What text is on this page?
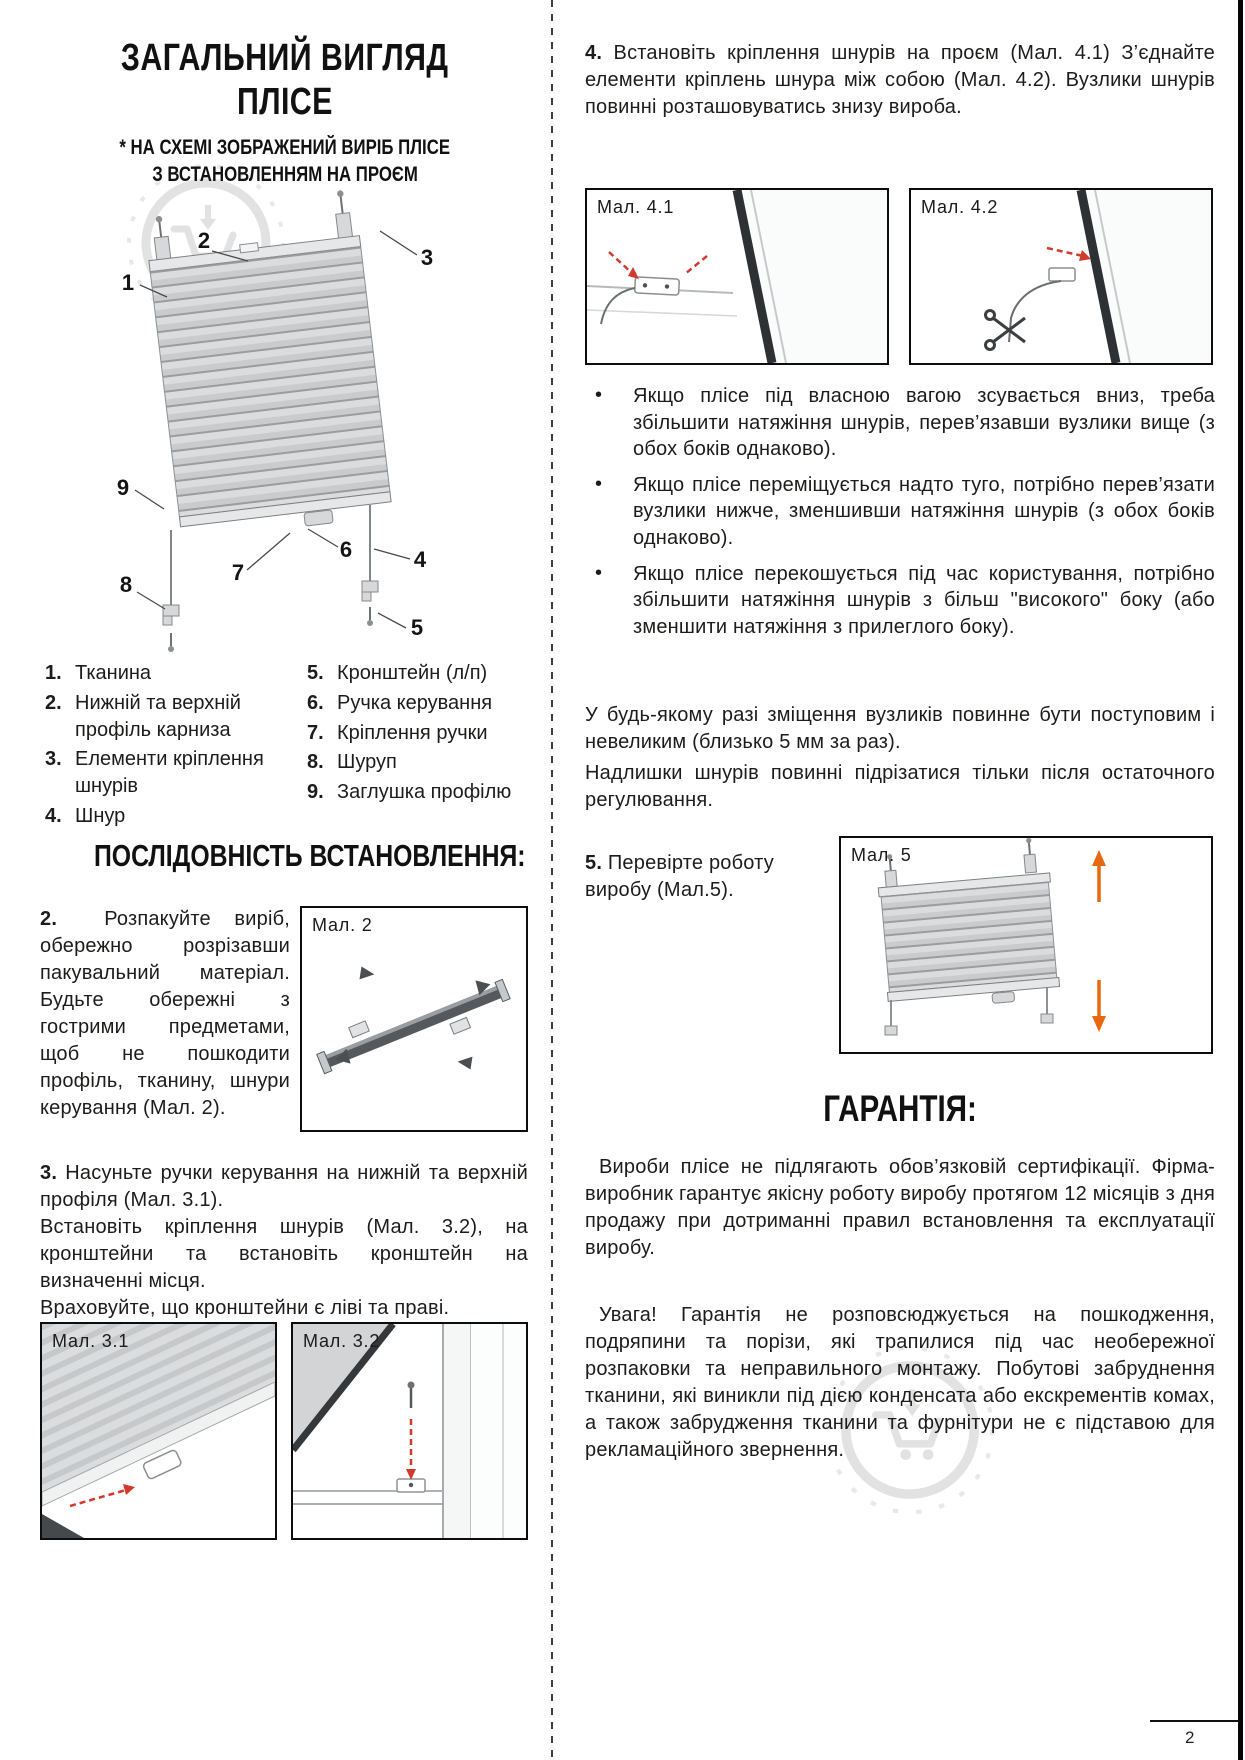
ЗАГАЛЬНИЙ ВИГЛЯД
ПЛІСЕ
* НА СХЕМІ ЗОБРАЖЕНИЙ ВИРІБ ПЛІСЕ
З ВСТАНОВЛЕННЯМ НА ПРОЄМ
1
2
3
4
5
6
7
8
9
1. Тканина
2. Нижній та верхній профіль карниза
3. Елементи кріплення шнурів
4. Шнур
5. Кронштейн (л/п)
6. Ручка керування
7. Кріплення ручки
8. Шуруп
9. Заглушка профілю
ПОСЛІДОВНІСТЬ ВСТАНОВЛЕННЯ:

2. Розпакуйте виріб, обережно розрізавши пакувальний матеріал. Будьте обережні з гострими предметами, щоб не пошкодити профіль, тканину, шнури керування (Мал. 2).

Мал. 2

3. Насуньте ручки керування на нижній та верхній профіля (Мал. 3.1).

Встановіть кріплення шнурів (Мал. 3.2), на кронштейни та встановіть кронштейн на визначенні місця.

Враховуйте, що кронштейни є ліві та праві.

Мал. 3.1	Мал. 3.2

4. Встановіть кріплення шнурів на проєм (Мал. 4.1) З’єднайте елементи кріплень шнура між собою (Мал. 4.2). Вузлики шнурів повинні розташовуватись знизу вироба.

Мал. 4.1	Мал. 4.2
• Якщо плісе під власною вагою зсувається вниз, треба збільшити натяжіння шнурів, перев’язавши вузлики вище (з обох боків однаково).
• Якщо плісе переміщується надто туго, потрібно перев’язати вузлики нижче, зменшивши натяжіння шнурів (з обох боків однаково).
• Якщо плісе перекошується під час користування, потрібно збільшити натяжіння шнурів з більш "високого" боку (або зменшити натяжіння з прилеглого боку).

У будь-якому разі зміщення вузликів повинне бути поступовим і невеликим (близько 5 мм за раз).

Надлишки шнурів повинні підрізатися тільки після остаточного регулювання.

5. Перевірте роботу виробу (Мал.5).

Мал. 5
ГАРАНТІЯ:

Вироби плісе не підлягають обов’язковій сертифікації. Фірма-виробник гарантує якісну роботу виробу протягом 12 місяців з дня продажу при дотриманні правил встановлення та експлуатації виробу.

Увага! Гарантія не розповсюджується на пошкодження, подряпини та порізи, які трапилися під час необережної розпаковки та неправильного монтажу. Побутові забруднення тканини, які виникли під дією конденсата або екскрементів комах, а також забрудження тканини та фурнітури не є підставою для рекламаційного звернення.

2
